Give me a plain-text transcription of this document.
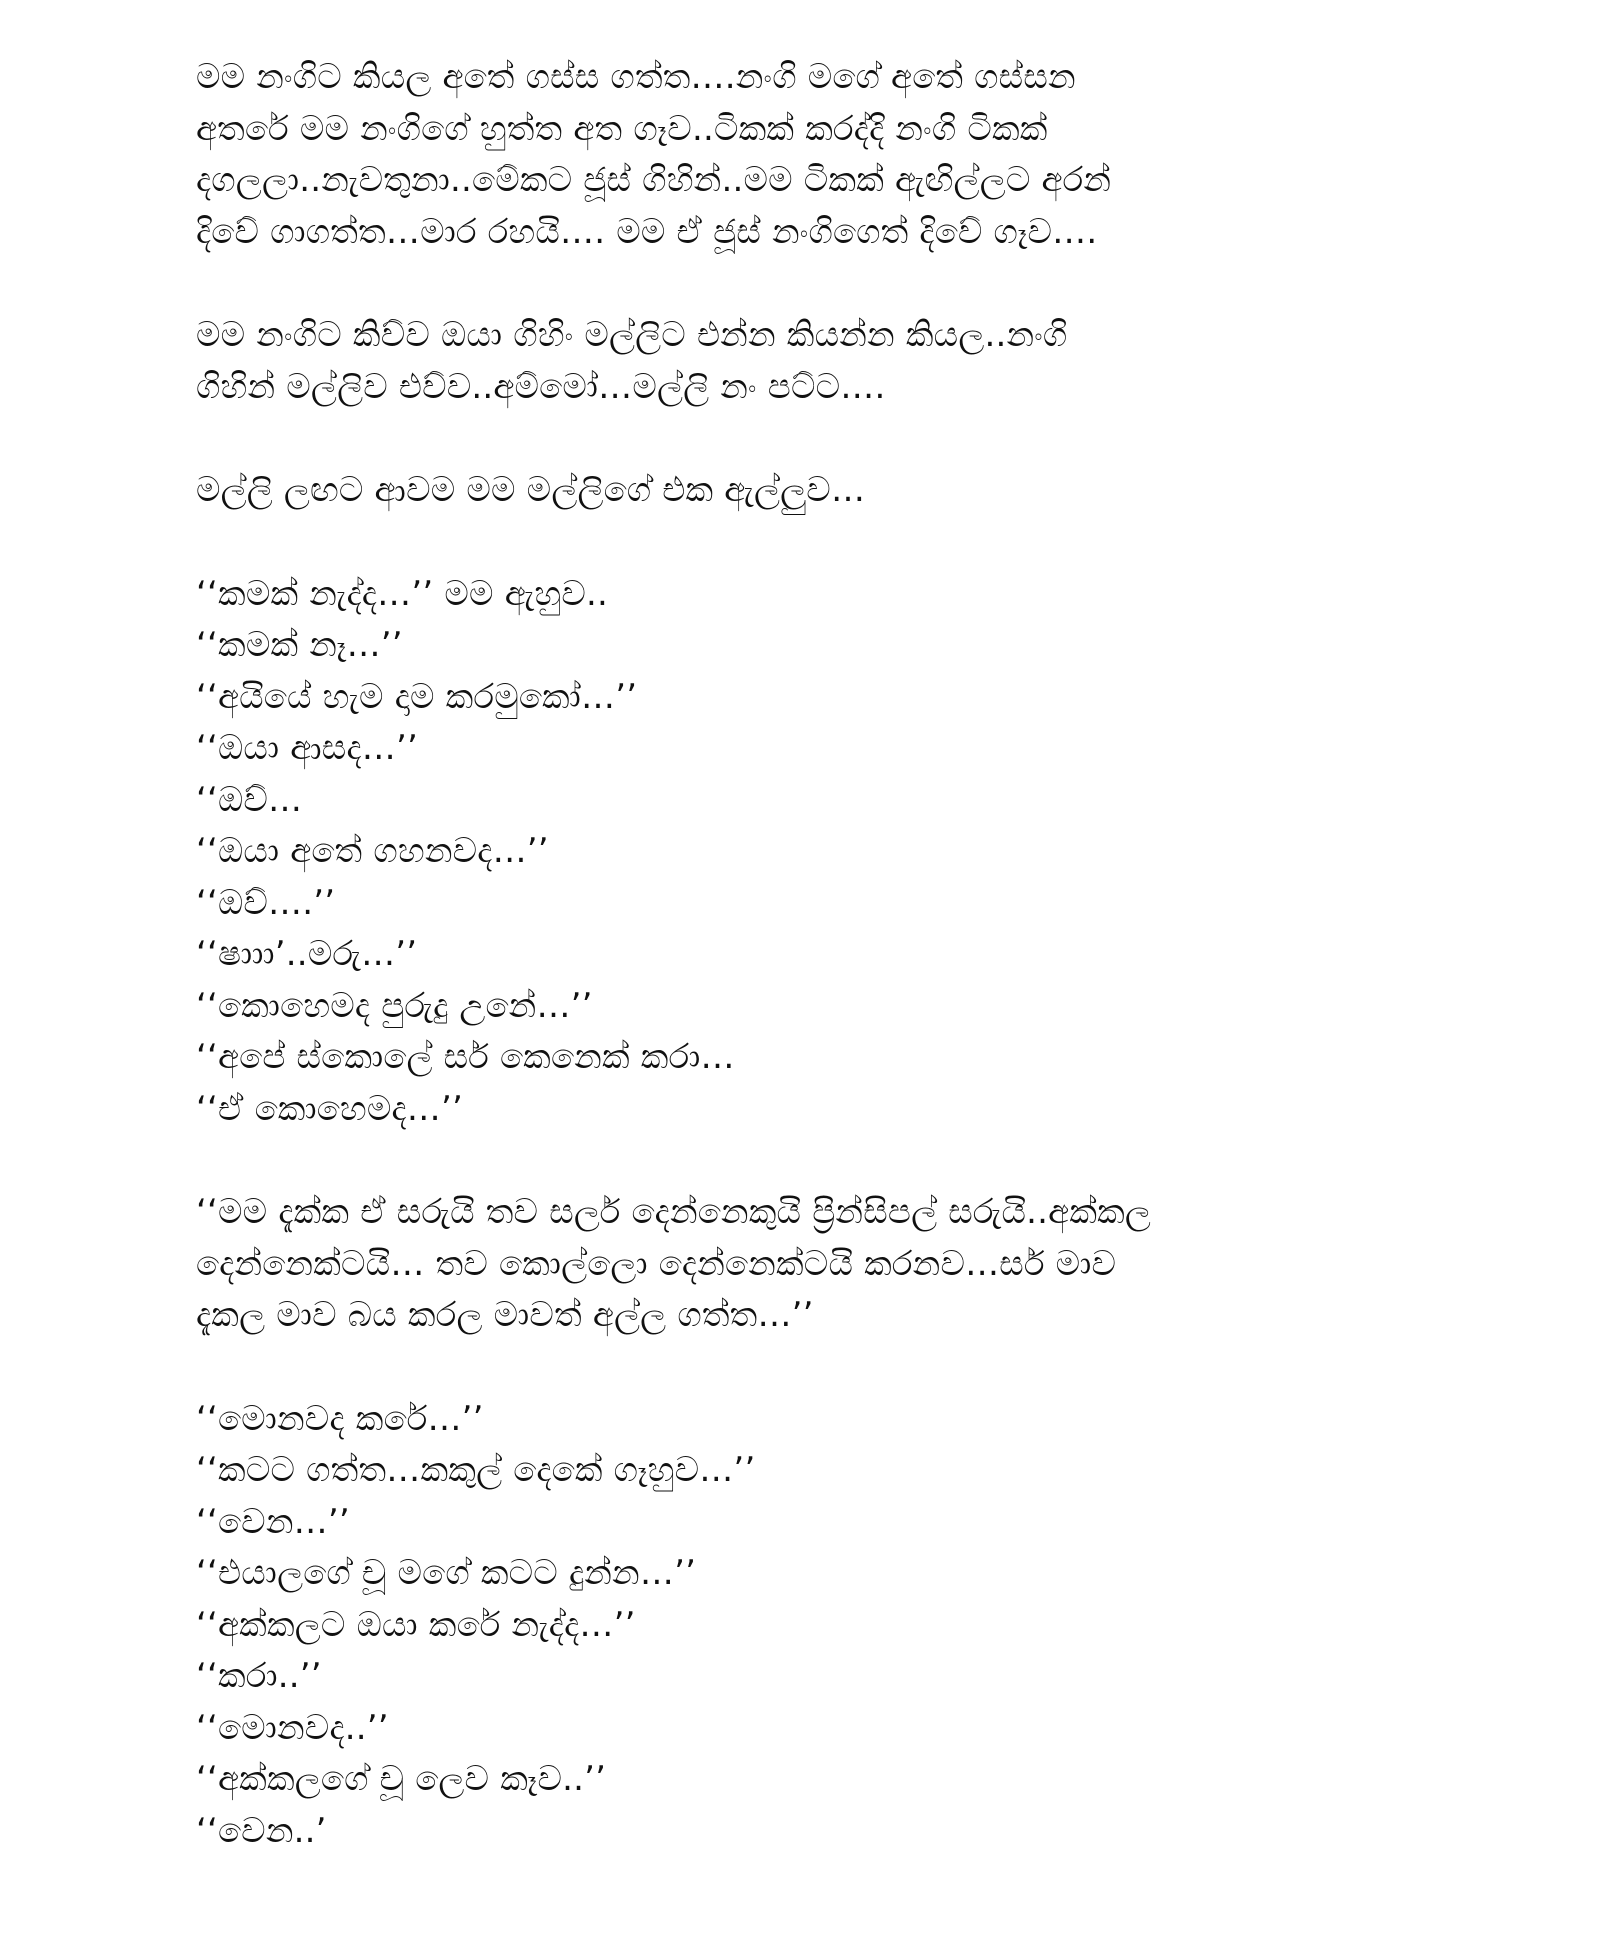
මම නංගිට කියල අතේ ගස්ස ගත්ත….නංගි මගේ අතේ ගස්සන
අතරේ මම නංගිගේ හුත්ත අත ගෑව..ටිකක් කරද්දි නංගි ටිකක්
දගලලා..නැවතුනා..මේකට ජූස් ගිහින්..මම ටිකක් ඇඟිල්ලට අරන්
දිවේ ගාගත්ත…මාර රහයි…. මම ඒ ජූස් නංගිගෙත් දිවේ ගෑව….
මම නංගිට කිව්ව ඔයා ගිහිං මල්ලිට එන්න කියන්න කියල..නංගි
ගිහින් මල්ලිව එව්ව..අම්මෝ…මල්ලි නං පට්ට….
මල්ලි ලඟට ආවම මම මල්ලිගේ එක ඇල්ලුව…
‘‘කමක් නැද්ද…’’ මම ඇහුව..
‘‘කමක් නෑ…’’
‘‘අයියේ හැම දාම කරමුකෝ…’’
‘‘ඔයා ආසද…’’
‘‘ඔව්…
‘‘ඔයා අතේ ගහනවද…’’
‘‘ඔව්….’’
‘‘ෂාාා’..මරු…’’
‘‘කොහෙමද පුරුදු උනේ…’’
‘‘අපේ ස්කොලේ සර් කෙනෙක් කරා…
‘‘ඒ කොහෙමද…’’
‘‘මම දැක්ක ඒ සරුයි තව සර්ල දෙන්නෙකුයි ප්‍රින්සිපල් සරුයි..අක්කල
දෙන්නෙක්ටයි… තව කොල්ලො දෙන්නෙක්ටයි කරනව…සර් මාව
දැකල මාව බය කරල මාවත් අල්ල ගත්ත…’’
‘‘මොනවද කරේ…’’
‘‘කටට ගත්ත…කකුල් දෙකේ ගෑහුව…’’
‘‘වෙන…’’
‘‘එයාලගේ චූ මගේ කටට දුන්න…’’
‘‘අක්කලට ඔයා කරේ නැද්ද…’’
‘‘කරා..’’
‘‘මොනවද..’’
‘‘අක්කලගේ චූ ලෙව කෑව..’’
‘‘වෙන..’
